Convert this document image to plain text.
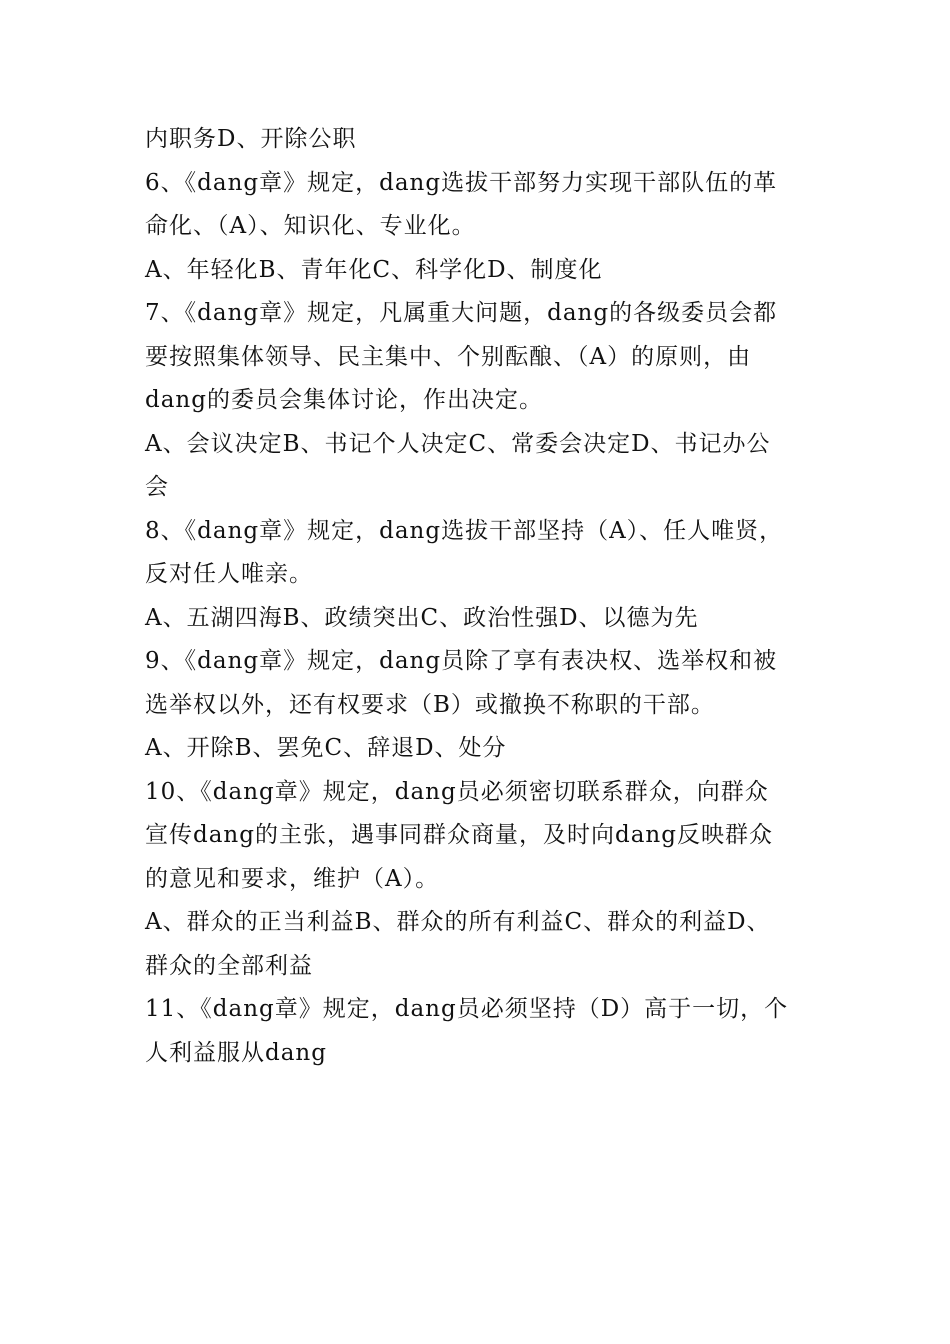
内职务D、开除公职
6、《dang章》规定，dang选拔干部努力实现干部队伍的革
命化、（A）、知识化、专业化。
A、年轻化B、青年化C、科学化D、制度化
7、《dang章》规定，凡属重大问题，dang的各级委员会都
要按照集体领导、民主集中、个别酝酿、（A）的原则，由
dang的委员会集体讨论，作出决定。
A、会议决定B、书记个人决定C、常委会决定D、书记办公
会
8、《dang章》规定，dang选拔干部坚持（A）、任人唯贤，
反对任人唯亲。
A、五湖四海B、政绩突出C、政治性强D、以德为先
9、《dang章》规定，dang员除了享有表决权、选举权和被
选举权以外，还有权要求（B）或撤换不称职的干部。
A、开除B、罢免C、辞退D、处分
10、《dang章》规定，dang员必须密切联系群众，向群众
宣传dang的主张，遇事同群众商量，及时向dang反映群众
的意见和要求，维护（A）。
A、群众的正当利益B、群众的所有利益C、群众的利益D、
群众的全部利益
11、《dang章》规定，dang员必须坚持（D）高于一切，个
人利益服从dang
